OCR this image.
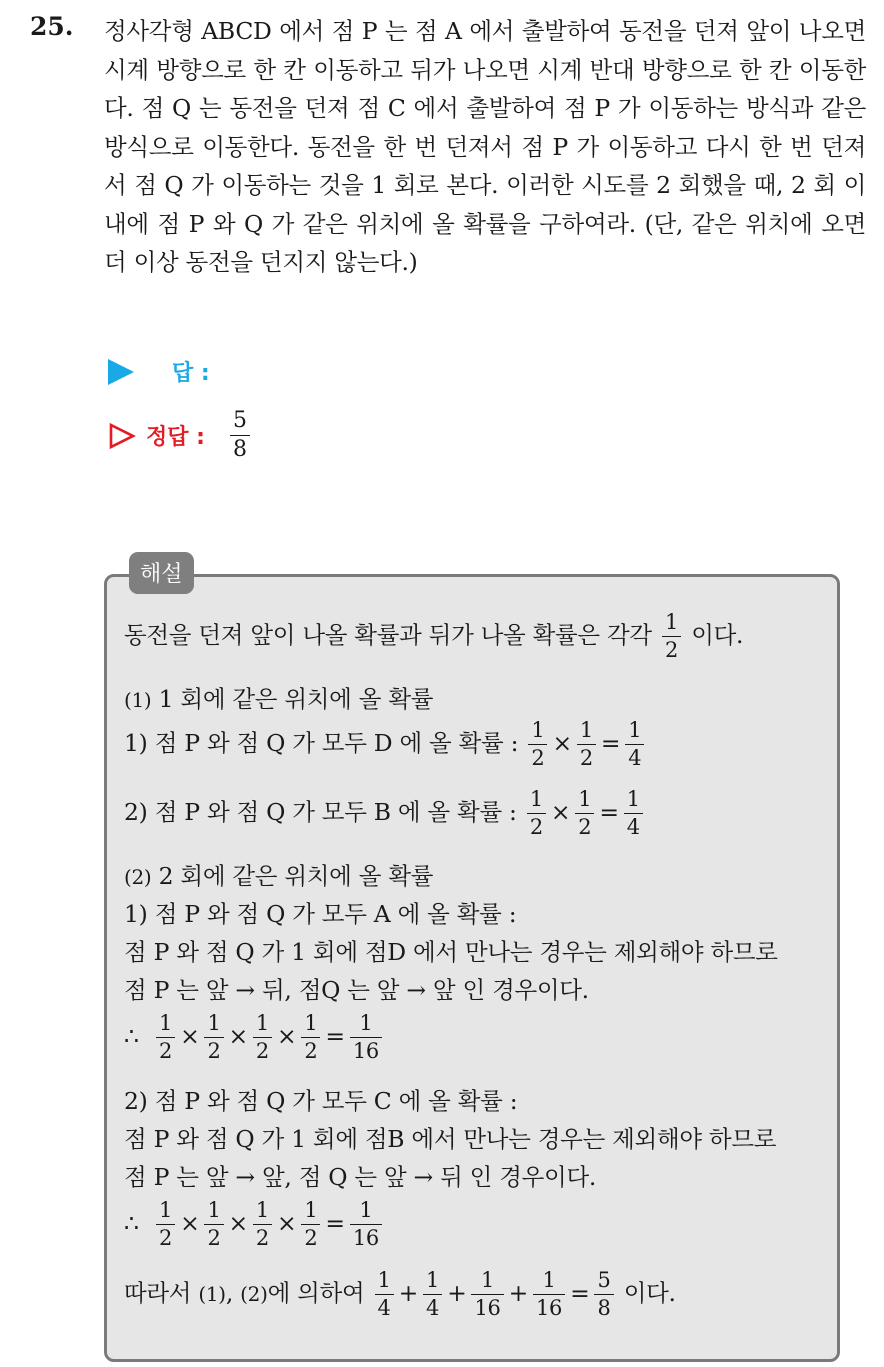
25. 정사각형 ABCD 에서 점 P 는 점 A 에서 출발하여 동전을 던져 앞이 나오면 시계 방향으로 한 칸 이동하고 뒤가 나오면 시계 반대 방향으로 한 칸 이동한다. 점 Q 는 동전을 던져 점 C 에서 출발하여 점 P 가 이동하는 방식과 같은 방식으로 이동한다. 동전을 한 번 던져서 점 P 가 이동하고 다시 한 번 던져서 점 Q 가 이동하는 것을 1 회로 본다. 이러한 시도를 2 회했을 때, 2 회 이내에 점 P 와 Q 가 같은 위치에 올 확률을 구하여라. (단, 같은 위치에 오면 더 이상 동전을 던지지 않는다.)
답 :
정답 : $\frac{5}{8}$
해설
동전을 던져 앞이 나올 확률과 뒤가 나올 확률은 각각 $\frac{1}{2}$ 이다.
(1) 1 회에 같은 위치에 올 확률
1) 점 P 와 점 Q 가 모두 D 에 올 확률 : $\frac{1}{2} \times \frac{1}{2} = \frac{1}{4}$
2) 점 P 와 점 Q 가 모두 B 에 올 확률 : $\frac{1}{2} \times \frac{1}{2} = \frac{1}{4}$
(2) 2 회에 같은 위치에 올 확률
1) 점 P 와 점 Q 가 모두 A 에 올 확률 :
점 P 와 점 Q 가 1 회에 점D 에서 만나는 경우는 제외해야 하므로
점 P 는 앞 → 뒤, 점Q 는 앞 → 앞 인 경우이다.
∴ $\frac{1}{2} \times \frac{1}{2} \times \frac{1}{2} \times \frac{1}{2} = \frac{1}{16}$
2) 점 P 와 점 Q 가 모두 C 에 올 확률 :
점 P 와 점 Q 가 1 회에 점B 에서 만나는 경우는 제외해야 하므로
점 P 는 앞 → 앞, 점 Q 는 앞 → 뒤 인 경우이다.
∴ $\frac{1}{2} \times \frac{1}{2} \times \frac{1}{2} \times \frac{1}{2} = \frac{1}{16}$
따라서 (1), (2)에 의하여 $\frac{1}{4} + \frac{1}{4} + \frac{1}{16} + \frac{1}{16} = \frac{5}{8}$ 이다.
